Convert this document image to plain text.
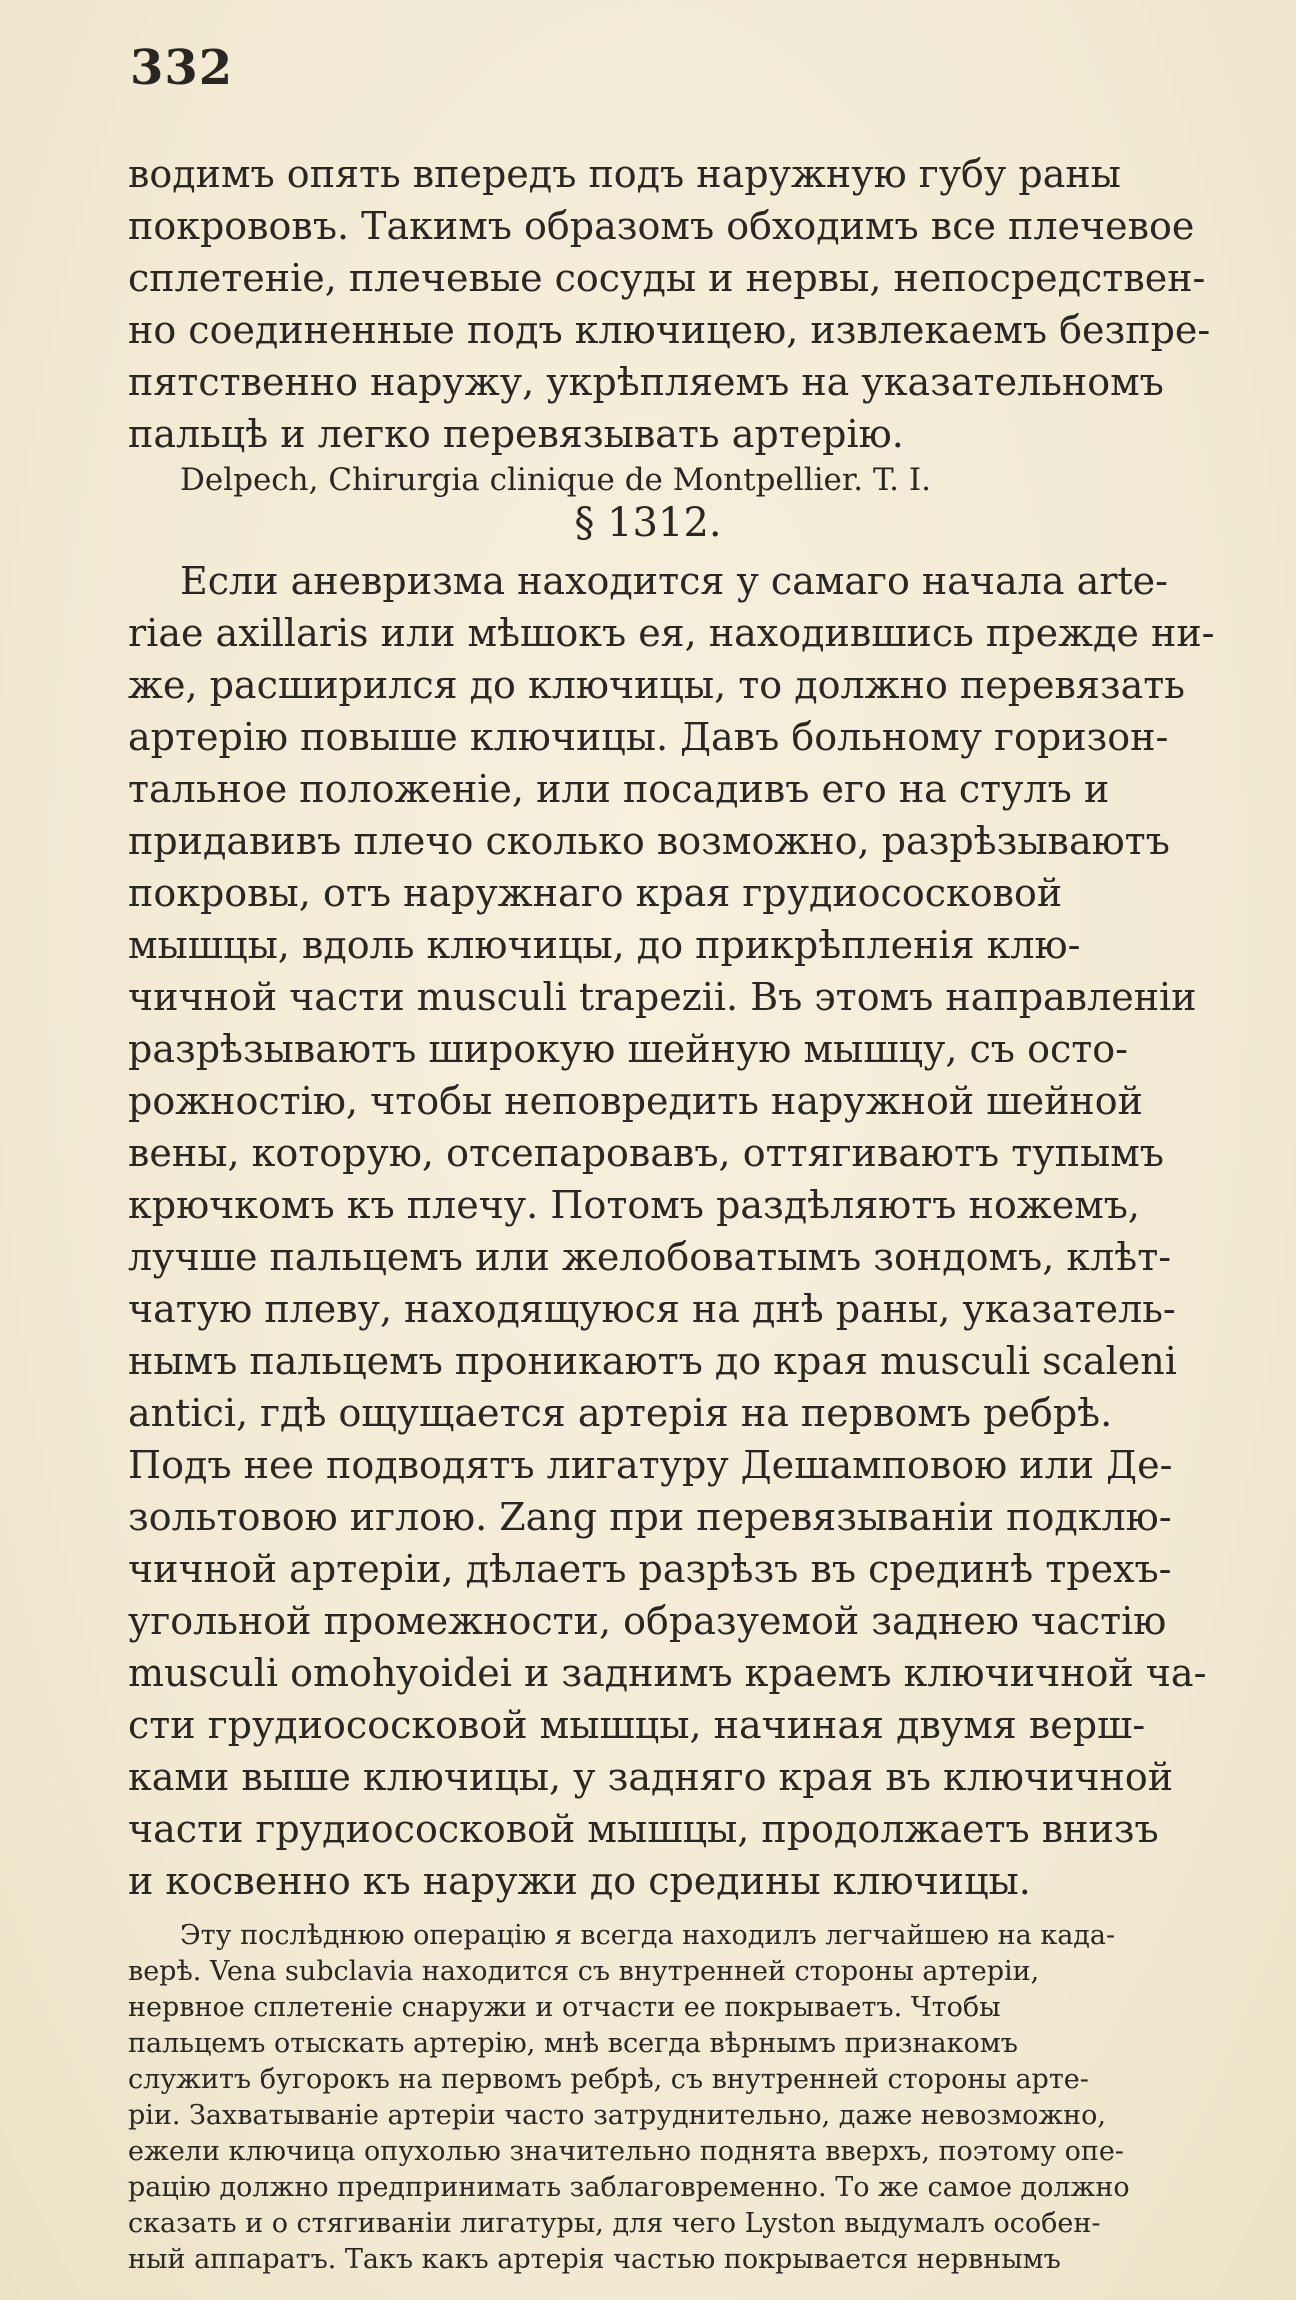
332
водимъ опять впередъ подъ наружную губу раны
покрововъ. Такимъ образомъ обходимъ все плечевое
сплетеніе, плечевые сосуды и нервы, непосредствен-
но соединенные подъ ключицею, извлекаемъ безпре-
пятственно наружу, укрѣпляемъ на указательномъ
пальцѣ и легко перевязывать артерію.
Delpech, Chirurgia clinique de Montpellier. T. I.
§ 1312.
Если аневризма находится у самаго начала arte-
riae axillaris или мѣшокъ ея, находившись прежде ни-
же, расширился до ключицы, то должно перевязать
артерію повыше ключицы. Давъ больному горизон-
тальное положеніе, или посадивъ его на стулъ и
придавивъ плечо сколько возможно, разрѣзываютъ
покровы, отъ наружнаго края грудиососковой
мышцы, вдоль ключицы, до прикрѣпленія клю-
чичной части musculi trapezii. Въ этомъ направленіи
разрѣзываютъ широкую шейную мышцу, съ осто-
рожностію, чтобы неповредить наружной шейной
вены, которую, отсепаровавъ, оттягиваютъ тупымъ
крючкомъ къ плечу. Потомъ раздѣляютъ ножемъ,
лучше пальцемъ или желобоватымъ зондомъ, клѣт-
чатую плеву, находящуюся на днѣ раны, указатель-
нымъ пальцемъ проникаютъ до края musculi scaleni
antici, гдѣ ощущается артерія на первомъ ребрѣ.
Подъ нее подводятъ лигатуру Дешамповою или Де-
зольтовою иглою. Zang при перевязываніи подклю-
чичной артеріи, дѣлаетъ разрѣзъ въ срединѣ трехъ-
угольной промежности, образуемой заднею частію
musculi omohyoidei и заднимъ краемъ ключичной ча-
сти грудиососковой мышцы, начиная двумя верш-
ками выше ключицы, у задняго края въ ключичной
части грудиососковой мышцы, продолжаетъ внизъ
и косвенно къ наружи до средины ключицы.
Эту послѣднюю операцію я всегда находилъ легчайшею на када-
верѣ. Vena subclavia находится съ внутренней стороны артеріи,
нервное сплетеніе снаружи и отчасти ее покрываетъ. Чтобы
пальцемъ отыскать артерію, мнѣ всегда вѣрнымъ признакомъ
служитъ бугорокъ на первомъ ребрѣ, съ внутренней стороны арте-
ріи. Захватываніе артеріи часто затруднительно, даже невозможно,
ежели ключица опухолью значительно поднята вверхъ, поэтому опе-
рацію должно предпринимать заблаговременно. То же самое должно
сказать и о стягиваніи лигатуры, для чего Lyston выдумалъ особен-
ный аппаратъ. Такъ какъ артерія частью покрывается нервнымъ
